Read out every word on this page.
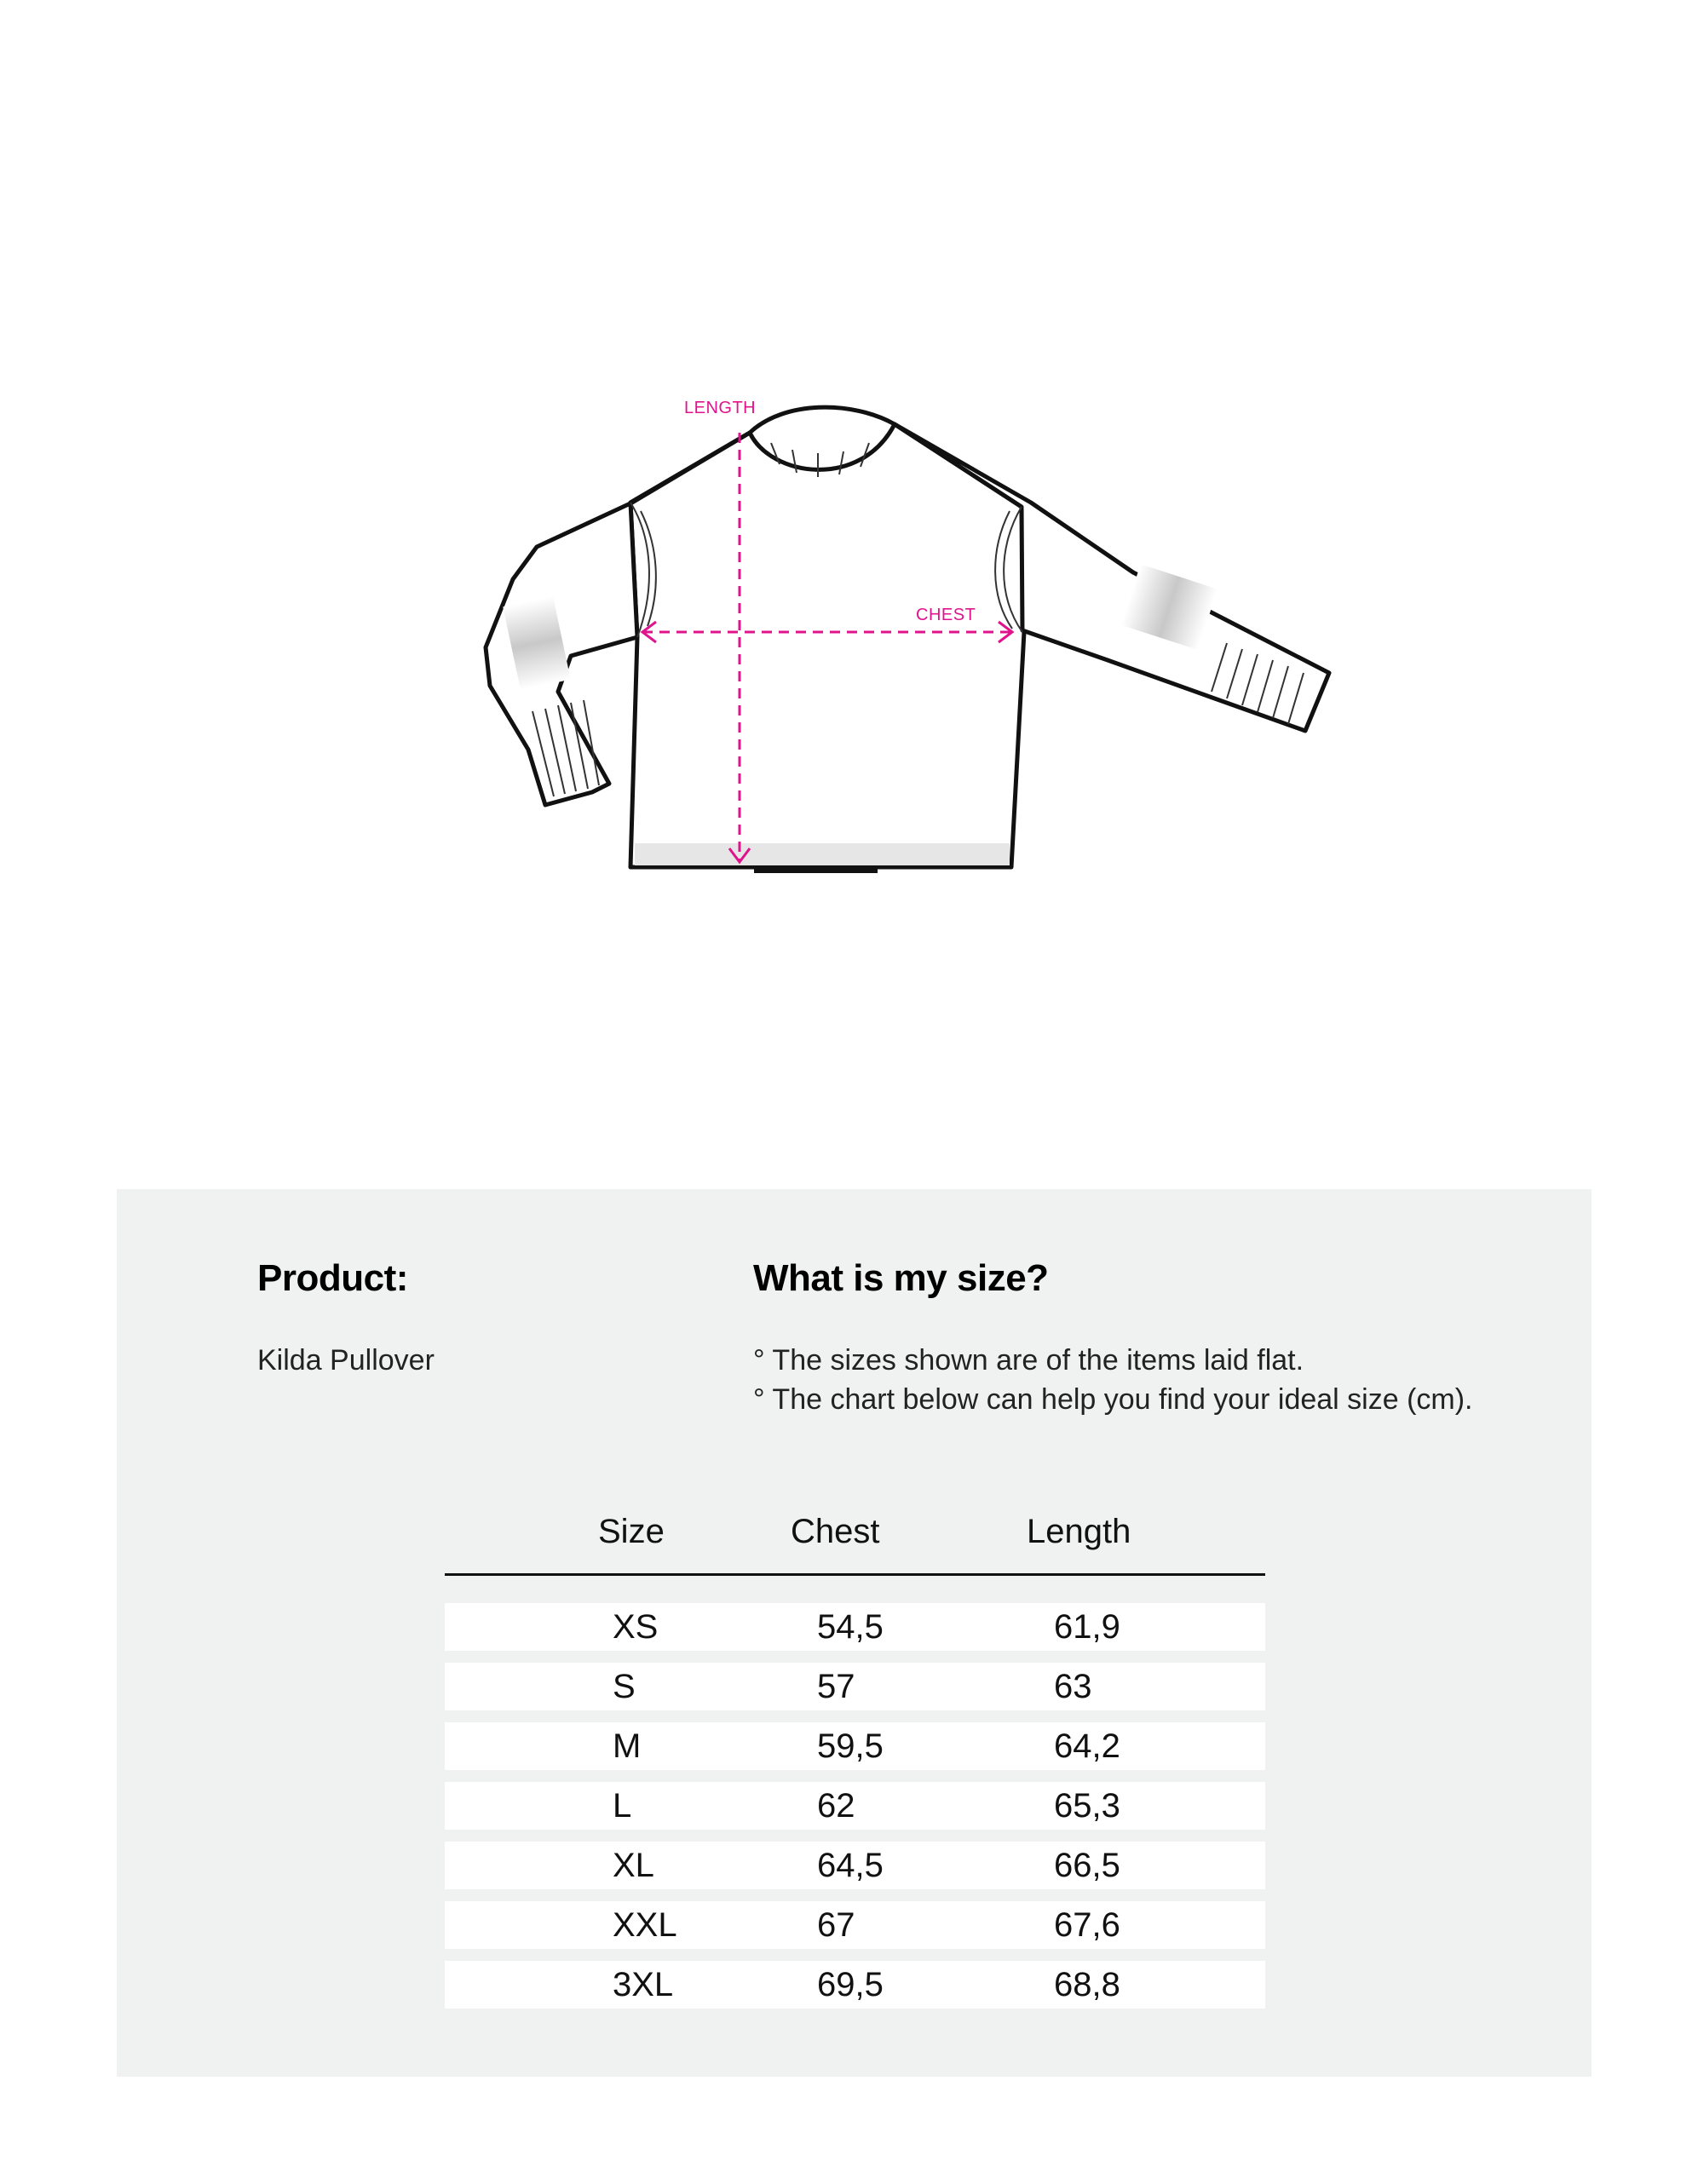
LENGTH
CHEST
Product:
Kilda Pullover
What is my size?
° The sizes shown are of the items laid flat.
° The chart below can help you find your ideal size (cm).
Size	Chest	Length
XS	54,5	61,9
S	57	63
M	59,5	64,2
L	62	65,3
XL	64,5	66,5
XXL	67	67,6
3XL	69,5	68,8
